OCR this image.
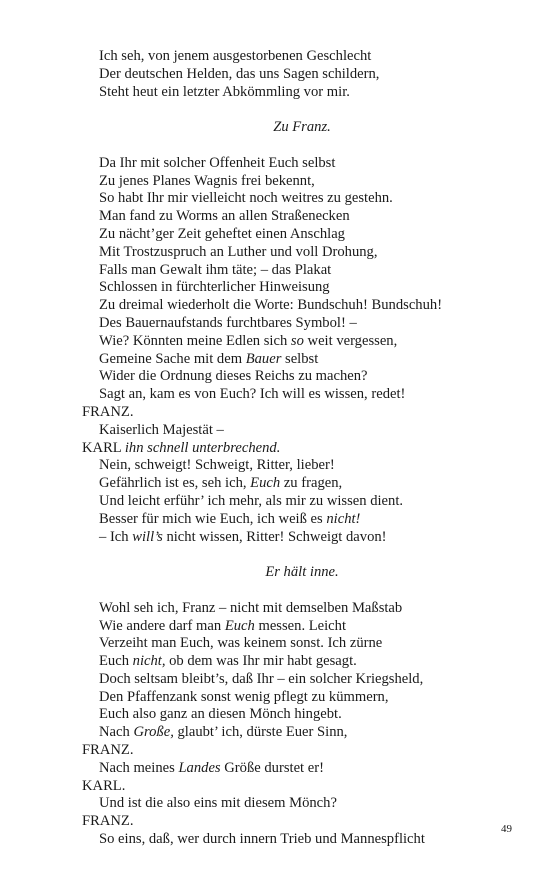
Ich seh, von jenem ausgestorbenen Geschlecht
Der deutschen Helden, das uns Sagen schildern,
Steht heut ein letzter Abkömmling vor mir.
Zu Franz.
Da Ihr mit solcher Offenheit Euch selbst
Zu jenes Planes Wagnis frei bekennt,
So habt Ihr mir vielleicht noch weitres zu gestehn.
Man fand zu Worms an allen Straßenecken
Zu nächt’ger Zeit geheftet einen Anschlag
Mit Trostzuspruch an Luther und voll Drohung,
Falls man Gewalt ihm täte; – das Plakat
Schlossen in fürchterlicher Hinweisung
Zu dreimal wiederholt die Worte: Bundschuh! Bundschuh!
Des Bauernaufstands furchtbares Symbol! –
Wie? Könnten meine Edlen sich so weit vergessen,
Gemeine Sache mit dem Bauer selbst
Wider die Ordnung dieses Reichs zu machen?
Sagt an, kam es von Euch? Ich will es wissen, redet!
FRANZ.
Kaiserlich Majestät –
KARL ihn schnell unterbrechend.
Nein, schweigt! Schweigt, Ritter, lieber!
Gefährlich ist es, seh ich, Euch zu fragen,
Und leicht erführ’ ich mehr, als mir zu wissen dient.
Besser für mich wie Euch, ich weiß es nicht!
– Ich will’s nicht wissen, Ritter! Schweigt davon!
Er hält inne.
Wohl seh ich, Franz – nicht mit demselben Maßstab
Wie andere darf man Euch messen. Leicht
Verzeiht man Euch, was keinem sonst. Ich zürne
Euch nicht, ob dem was Ihr mir habt gesagt.
Doch seltsam bleibt’s, daß Ihr – ein solcher Kriegsheld,
Den Pfaffenzank sonst wenig pflegt zu kümmern,
Euch also ganz an diesen Mönch hingebt.
Nach Große, glaubt’ ich, dürste Euer Sinn,
FRANZ.
Nach meines Landes Größe durstet er!
KARL.
Und ist die also eins mit diesem Mönch?
FRANZ.
So eins, daß, wer durch innern Trieb und Mannespflicht
49
